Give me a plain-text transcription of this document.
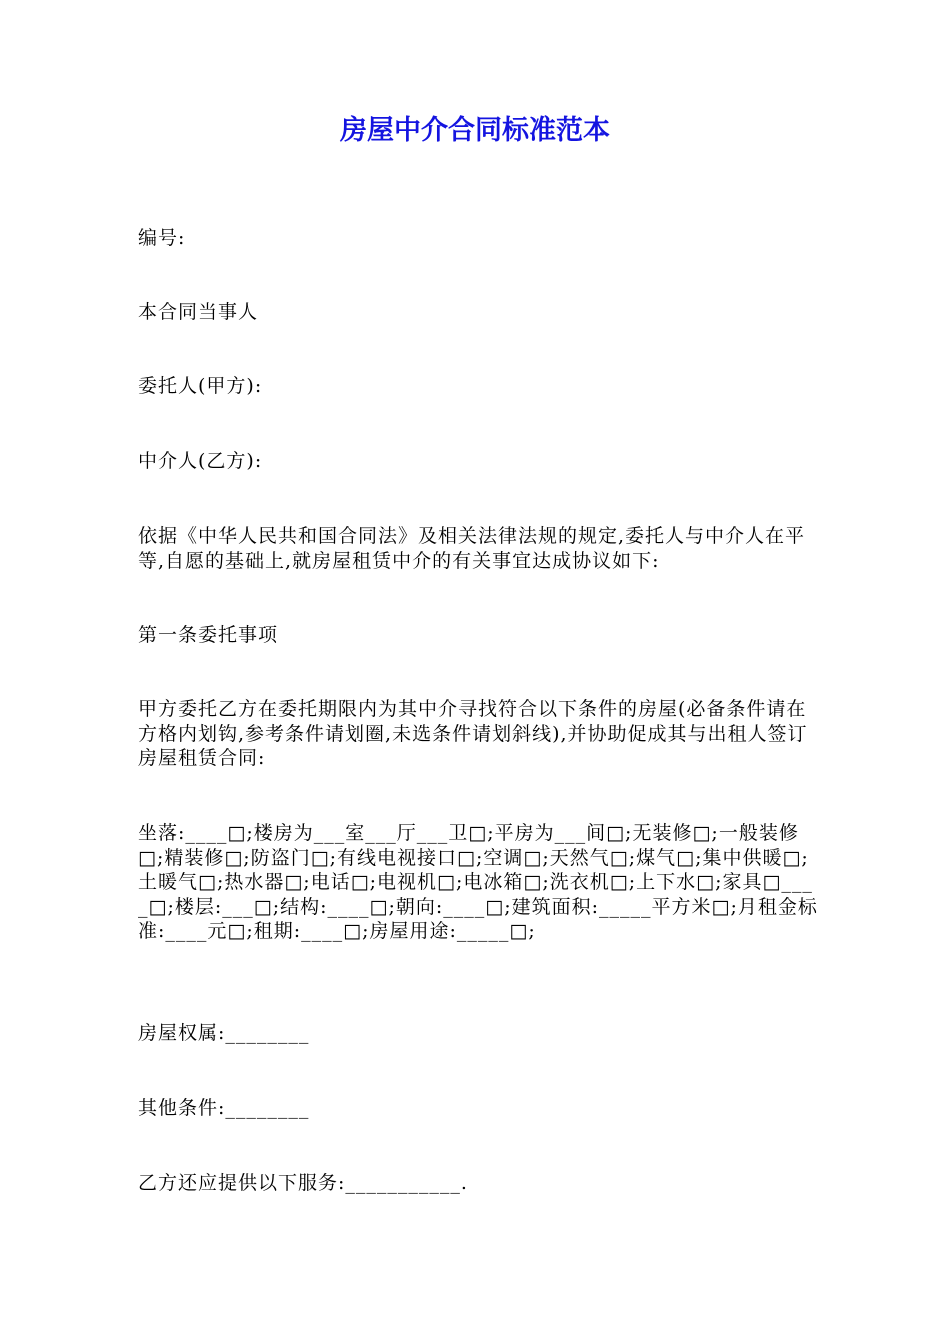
房屋中介合同标准范本
编号:
本合同当事人
委托人(甲方):
中介人(乙方):
依据《中华人民共和国合同法》及相关法律法规的规定,委托人与中介人在平等,自愿的基础上,就房屋租赁中介的有关事宜达成协议如下:
第一条委托事项
甲方委托乙方在委托期限内为其中介寻找符合以下条件的房屋(必备条件请在方格内划钩,参考条件请划圈,未选条件请划斜线),并协助促成其与出租人签订房屋租赁合同:
坐落:____□;楼房为___室___厅___卫□;平房为___间□;无装修□;一般装修□;精装修□;防盗门□;有线电视接口□;空调□;天然气□;煤气□;集中供暖□;土暖气□;热水器□;电话□;电视机□;电冰箱□;洗衣机□;上下水□;家具□____□;楼层:___□;结构:____□;朝向:____□;建筑面积:_____平方米□;月租金标准:____元□;租期:____□;房屋用途:_____□;
房屋权属:________
其他条件:________
乙方还应提供以下服务:___________.
